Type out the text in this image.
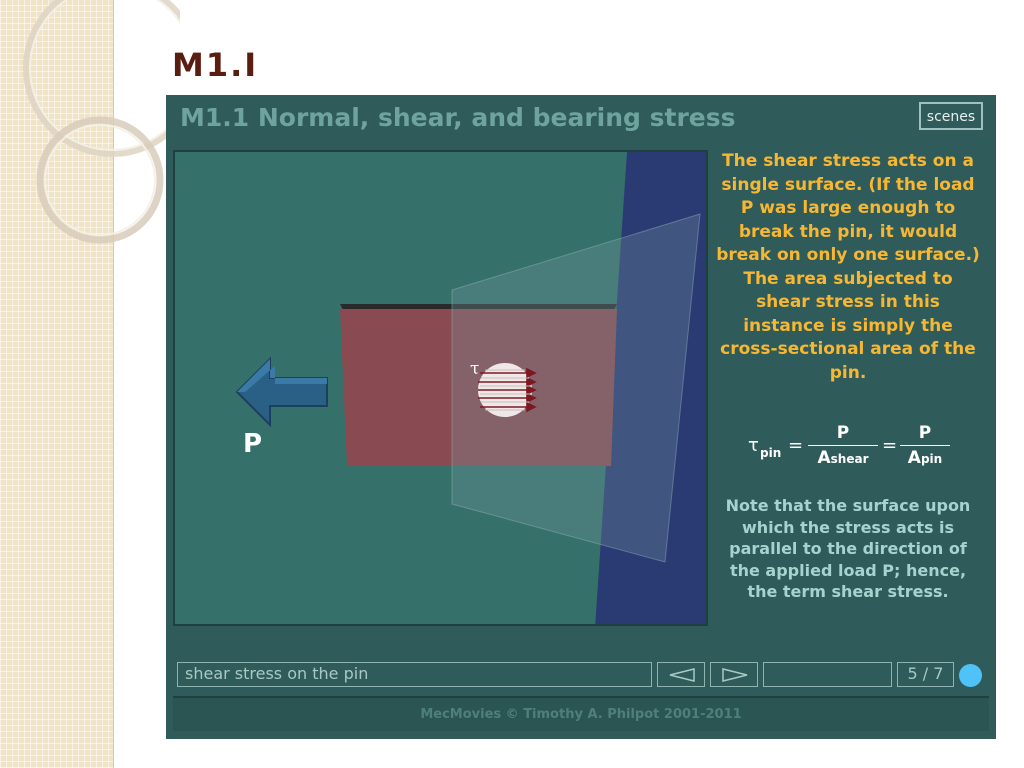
M1.I
M1.1 Normal, shear, and bearing stress	scenes
τ
P

The shear stress acts on a single surface. (If the load P was large enough to break the pin, it would break on only one surface.) The area subjected to shear stress in this instance is simply the cross-sectional area of the pin.

τ pin =
P
Ashear
=
P
Apin

Note that the surface upon which the stress acts is parallel to the direction of the applied load P; hence, the term shear stress.

shear stress on the pin	5 / 7
MecMovies © Timothy A. Philpot 2001-2011
